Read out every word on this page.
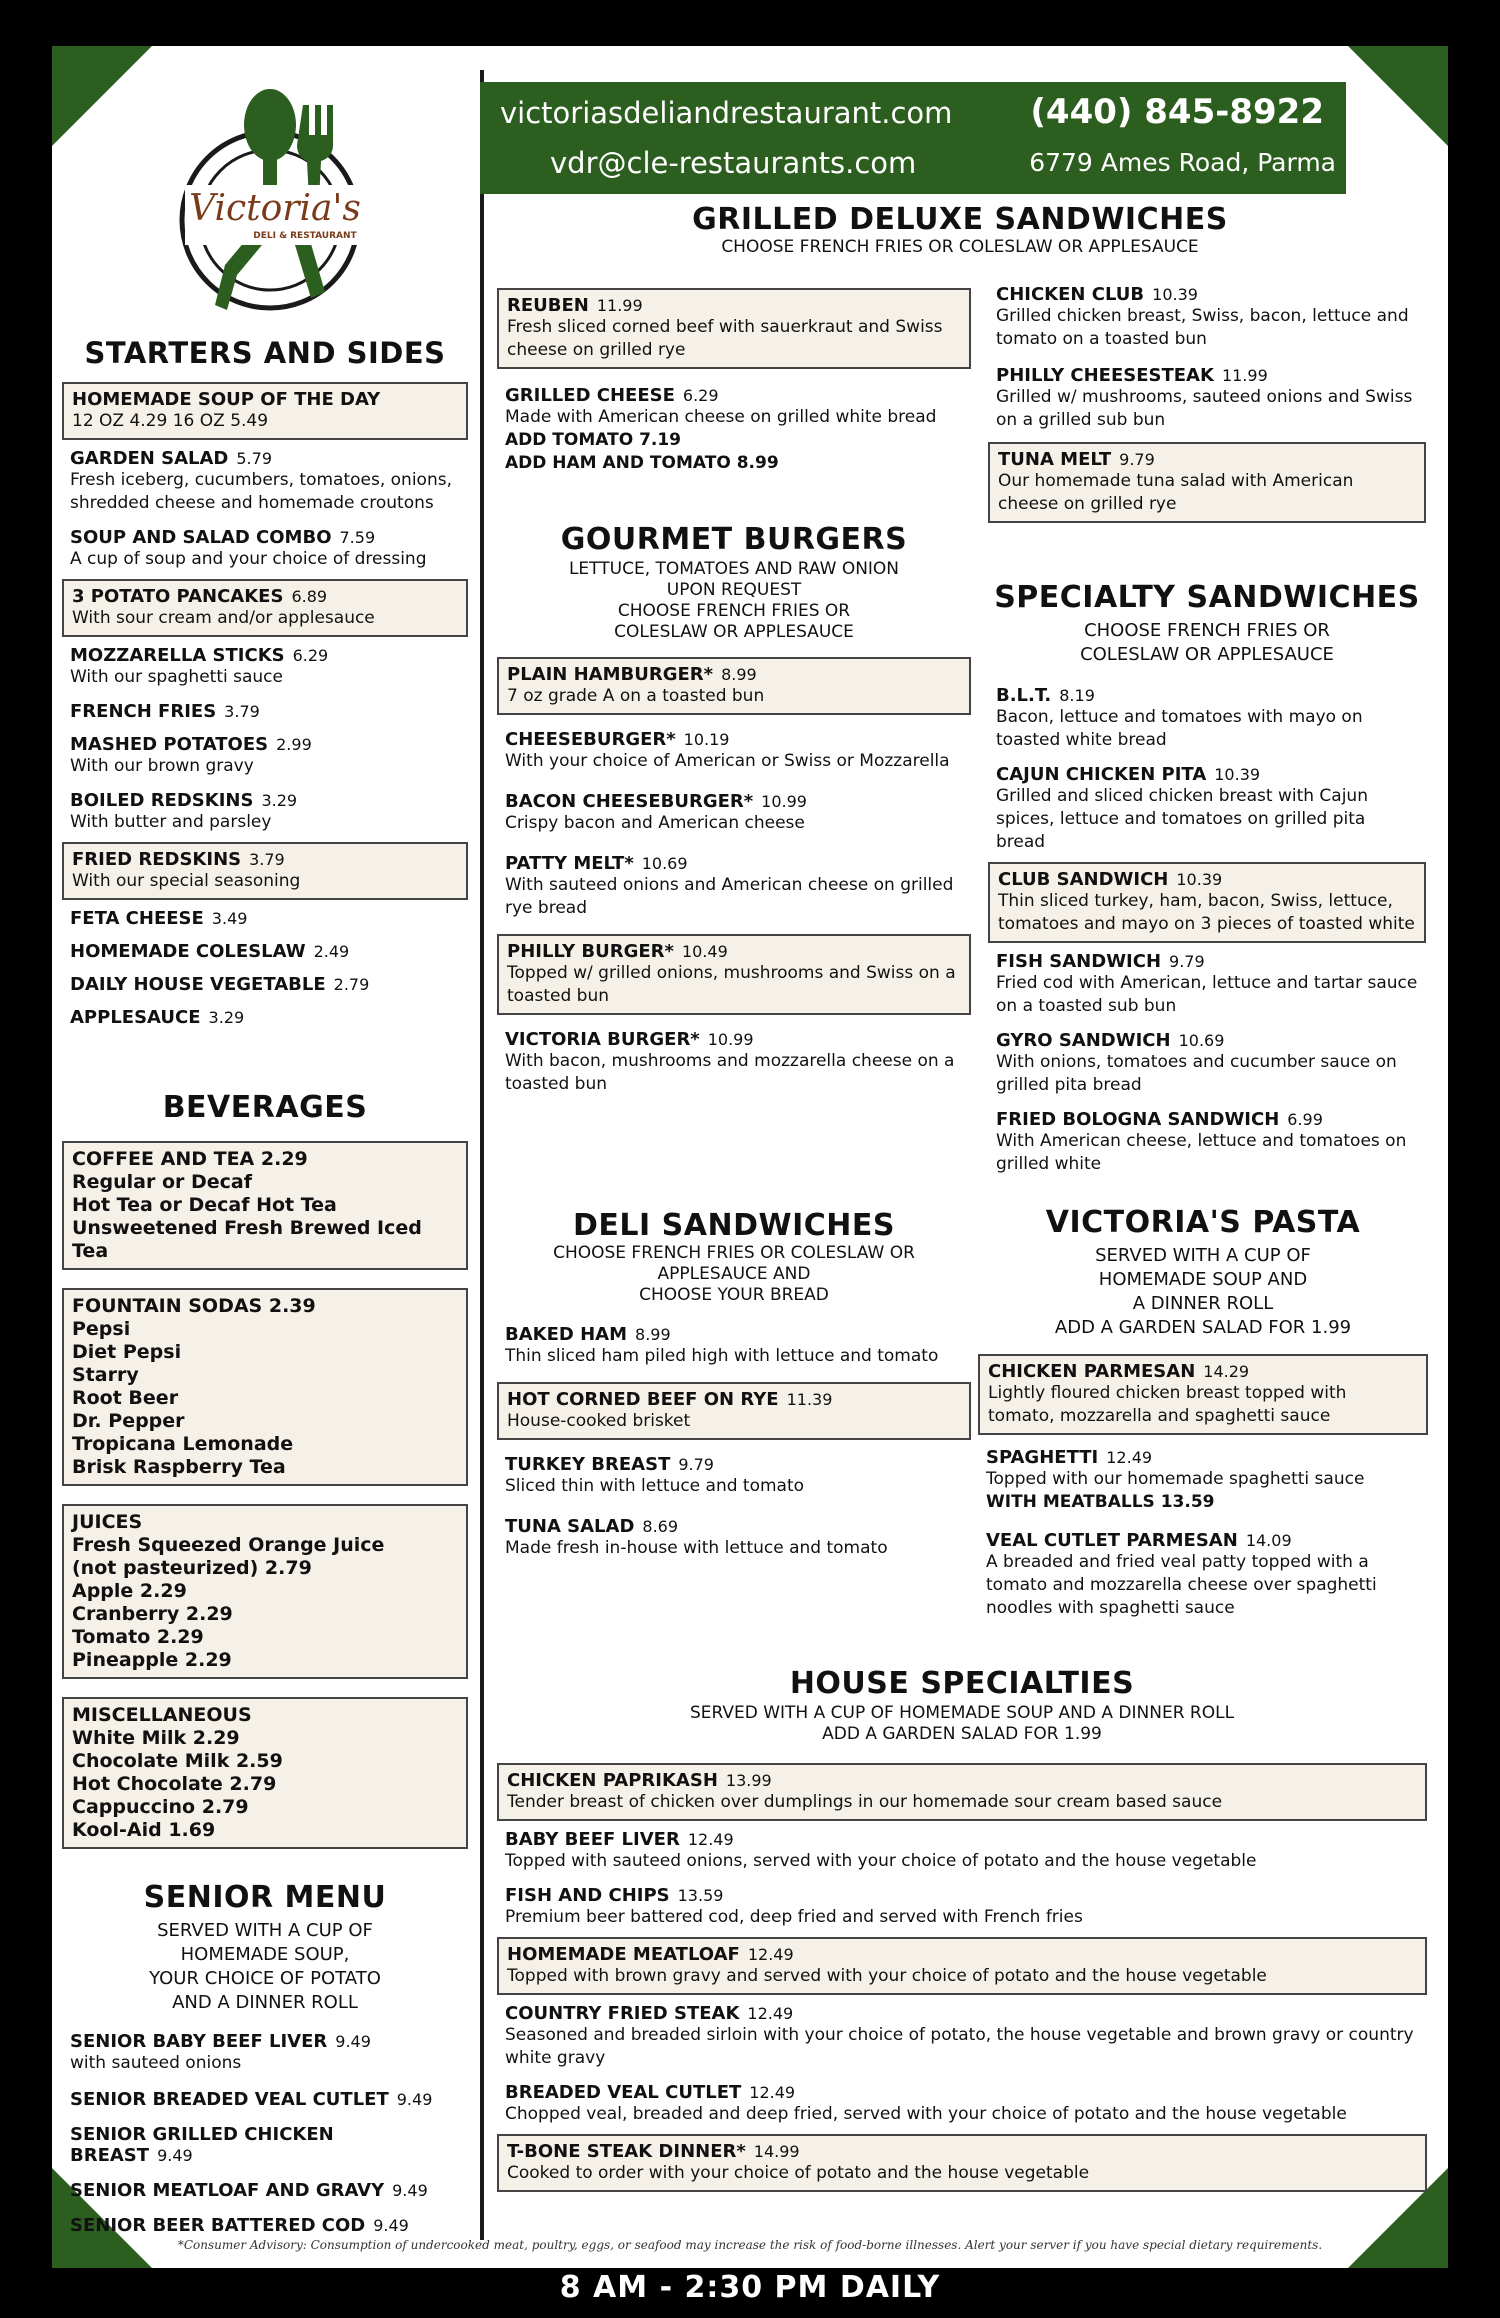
Victoria's
DELI & RESTAURANT
victoriasdeliandrestaurant.com
vdr@cle-restaurants.com
(440) 845-8922
6779 Ames Road, Parma
STARTERS AND SIDES
HOMEMADE SOUP OF THE DAY
12 OZ 4.29 16 OZ 5.49
GARDEN SALAD 5.79
Fresh iceberg, cucumbers, tomatoes, onions, shredded cheese and homemade croutons
SOUP AND SALAD COMBO 7.59
A cup of soup and your choice of dressing
3 POTATO PANCAKES 6.89
With sour cream and/or applesauce
MOZZARELLA STICKS 6.29
With our spaghetti sauce
FRENCH FRIES 3.79
MASHED POTATOES 2.99
With our brown gravy
BOILED REDSKINS 3.29
With butter and parsley
FRIED REDSKINS 3.79
With our special seasoning
FETA CHEESE 3.49
HOMEMADE COLESLAW 2.49
DAILY HOUSE VEGETABLE 2.79
APPLESAUCE 3.29
BEVERAGES
COFFEE AND TEA 2.29
Regular or Decaf
Hot Tea or Decaf Hot Tea
Unsweetened Fresh Brewed Iced Tea
FOUNTAIN SODAS 2.39
Pepsi
Diet Pepsi
Starry
Root Beer
Dr. Pepper
Tropicana Lemonade
Brisk Raspberry Tea
JUICES
Fresh Squeezed Orange Juice
(not pasteurized) 2.79
Apple 2.29
Cranberry 2.29
Tomato 2.29
Pineapple 2.29
MISCELLANEOUS
White Milk 2.29
Chocolate Milk 2.59
Hot Chocolate 2.79
Cappuccino 2.79
Kool-Aid 1.69
SENIOR MENU
SERVED WITH A CUP OF
HOMEMADE SOUP,
YOUR CHOICE OF POTATO
AND A DINNER ROLL
SENIOR BABY BEEF LIVER 9.49
with sauteed onions
SENIOR BREADED VEAL CUTLET 9.49
SENIOR GRILLED CHICKEN BREAST 9.49
SENIOR MEATLOAF AND GRAVY 9.49
SENIOR BEER BATTERED COD 9.49
GRILLED DELUXE SANDWICHES
CHOOSE FRENCH FRIES OR COLESLAW OR APPLESAUCE
REUBEN 11.99
Fresh sliced corned beef with sauerkraut and Swiss cheese on grilled rye
GRILLED CHEESE 6.29
Made with American cheese on grilled white bread
ADD TOMATO 7.19
ADD HAM AND TOMATO 8.99
CHICKEN CLUB 10.39
Grilled chicken breast, Swiss, bacon, lettuce and tomato on a toasted bun
PHILLY CHEESESTEAK 11.99
Grilled w/ mushrooms, sauteed onions and Swiss on a grilled sub bun
TUNA MELT 9.79
Our homemade tuna salad with American cheese on grilled rye
GOURMET BURGERS
LETTUCE, TOMATOES AND RAW ONION
UPON REQUEST
CHOOSE FRENCH FRIES OR
COLESLAW OR APPLESAUCE
PLAIN HAMBURGER* 8.99
7 oz grade A on a toasted bun
CHEESEBURGER* 10.19
With your choice of American or Swiss or Mozzarella
BACON CHEESEBURGER* 10.99
Crispy bacon and American cheese
PATTY MELT* 10.69
With sauteed onions and American cheese on grilled rye bread
PHILLY BURGER* 10.49
Topped w/ grilled onions, mushrooms and Swiss on a toasted bun
VICTORIA BURGER* 10.99
With bacon, mushrooms and mozzarella cheese on a toasted bun
SPECIALTY SANDWICHES
CHOOSE FRENCH FRIES OR
COLESLAW OR APPLESAUCE
B.L.T. 8.19
Bacon, lettuce and tomatoes with mayo on toasted white bread
CAJUN CHICKEN PITA 10.39
Grilled and sliced chicken breast with Cajun spices, lettuce and tomatoes on grilled pita bread
CLUB SANDWICH 10.39
Thin sliced turkey, ham, bacon, Swiss, lettuce, tomatoes and mayo on 3 pieces of toasted white
FISH SANDWICH 9.79
Fried cod with American, lettuce and tartar sauce on a toasted sub bun
GYRO SANDWICH 10.69
With onions, tomatoes and cucumber sauce on grilled pita bread
FRIED BOLOGNA SANDWICH 6.99
With American cheese, lettuce and tomatoes on grilled white
DELI SANDWICHES
CHOOSE FRENCH FRIES OR COLESLAW OR
APPLESAUCE AND
CHOOSE YOUR BREAD
BAKED HAM 8.99
Thin sliced ham piled high with lettuce and tomato
HOT CORNED BEEF ON RYE 11.39
House-cooked brisket
TURKEY BREAST 9.79
Sliced thin with lettuce and tomato
TUNA SALAD 8.69
Made fresh in-house with lettuce and tomato
VICTORIA'S PASTA
SERVED WITH A CUP OF
HOMEMADE SOUP AND
A DINNER ROLL
ADD A GARDEN SALAD FOR 1.99
CHICKEN PARMESAN 14.29
Lightly floured chicken breast topped with tomato, mozzarella and spaghetti sauce
SPAGHETTI 12.49
Topped with our homemade spaghetti sauce
WITH MEATBALLS 13.59
VEAL CUTLET PARMESAN 14.09
A breaded and fried veal patty topped with a tomato and mozzarella cheese over spaghetti noodles with spaghetti sauce
HOUSE SPECIALTIES
SERVED WITH A CUP OF HOMEMADE SOUP AND A DINNER ROLL
ADD A GARDEN SALAD FOR 1.99
CHICKEN PAPRIKASH 13.99
Tender breast of chicken over dumplings in our homemade sour cream based sauce
BABY BEEF LIVER 12.49
Topped with sauteed onions, served with your choice of potato and the house vegetable
FISH AND CHIPS 13.59
Premium beer battered cod, deep fried and served with French fries
HOMEMADE MEATLOAF 12.49
Topped with brown gravy and served with your choice of potato and the house vegetable
COUNTRY FRIED STEAK 12.49
Seasoned and breaded sirloin with your choice of potato, the house vegetable and brown gravy or country white gravy
BREADED VEAL CUTLET 12.49
Chopped veal, breaded and deep fried, served with your choice of potato and the house vegetable
T-BONE STEAK DINNER* 14.99
Cooked to order with your choice of potato and the house vegetable
*Consumer Advisory: Consumption of undercooked meat, poultry, eggs, or seafood may increase the risk of food-borne illnesses. Alert your server if you have special dietary requirements.
8 AM - 2:30 PM DAILY
